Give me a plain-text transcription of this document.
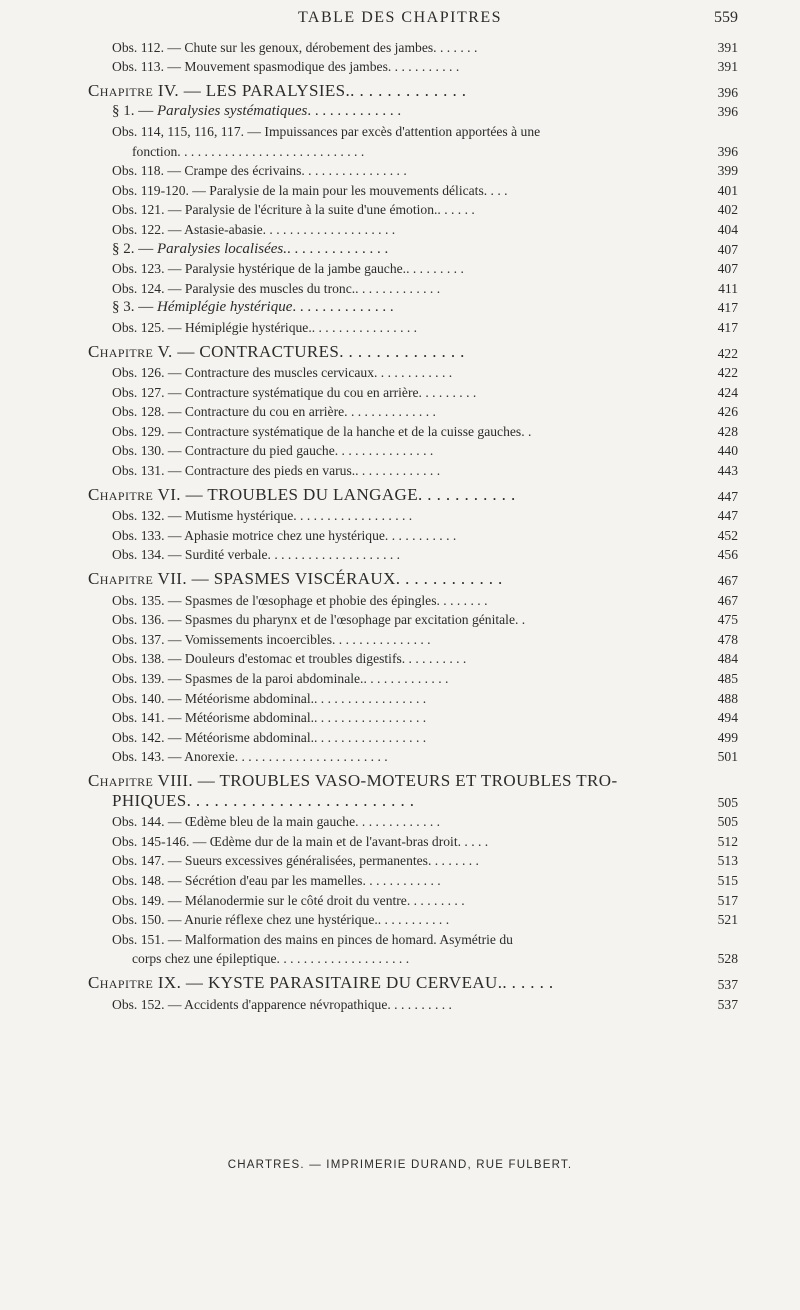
TABLE DES CHAPITRES	559
Obs. 112. — Chute sur les genoux, dérobement des jambes. . . . . . .	391
Obs. 113. — Mouvement spasmodique des jambes. . . . . . . . . . .	391
Chapitre IV. — LES PARALYSIES.. . . . . . . . . . . . .	396
§ 1. — Paralysies systématiques. . . . . . . . . . . . .	396
Obs. 114, 115, 116, 117. — Impuissances par excès d'attention apportées à une
fonction. . . . . . . . . . . . . . . . . . . . . . . . . . . .	396
Obs. 118. — Crampe des écrivains. . . . . . . . . . . . . . . .	399
Obs. 119-120. — Paralysie de la main pour les mouvements délicats. . . .	401
Obs. 121. — Paralysie de l'écriture à la suite d'une émotion.. . . . . .	402
Obs. 122. — Astasie-abasie. . . . . . . . . . . . . . . . . . . .	404
§ 2. — Paralysies localisées.. . . . . . . . . . . . . .	407
Obs. 123. — Paralysie hystérique de la jambe gauche.. . . . . . . . .	407
Obs. 124. — Paralysie des muscles du tronc.. . . . . . . . . . . . .	411
§ 3. — Hémiplégie hystérique. . . . . . . . . . . . . .	417
Obs. 125. — Hémiplégie hystérique.. . . . . . . . . . . . . . . .	417
Chapitre V. — CONTRACTURES. . . . . . . . . . . . . .	422
Obs. 126. — Contracture des muscles cervicaux. . . . . . . . . . . .	422
Obs. 127. — Contracture systématique du cou en arrière. . . . . . . . .	424
Obs. 128. — Contracture du cou en arrière. . . . . . . . . . . . . .	426
Obs. 129. — Contracture systématique de la hanche et de la cuisse gauches. .	428
Obs. 130. — Contracture du pied gauche. . . . . . . . . . . . . . .	440
Obs. 131. — Contracture des pieds en varus.. . . . . . . . . . . . .	443
Chapitre VI. — TROUBLES DU LANGAGE. . . . . . . . . . .	447
Obs. 132. — Mutisme hystérique. . . . . . . . . . . . . . . . . .	447
Obs. 133. — Aphasie motrice chez une hystérique. . . . . . . . . . .	452
Obs. 134. — Surdité verbale. . . . . . . . . . . . . . . . . . . .	456
Chapitre VII. — SPASMES VISCÉRAUX. . . . . . . . . . . .	467
Obs. 135. — Spasmes de l'œsophage et phobie des épingles. . . . . . . .	467
Obs. 136. — Spasmes du pharynx et de l'œsophage par excitation génitale. .	475
Obs. 137. — Vomissements incoercibles. . . . . . . . . . . . . . .	478
Obs. 138. — Douleurs d'estomac et troubles digestifs. . . . . . . . . .	484
Obs. 139. — Spasmes de la paroi abdominale.. . . . . . . . . . . . .	485
Obs. 140. — Météorisme abdominal.. . . . . . . . . . . . . . . . .	488
Obs. 141. — Météorisme abdominal.. . . . . . . . . . . . . . . . .	494
Obs. 142. — Météorisme abdominal.. . . . . . . . . . . . . . . . .	499
Obs. 143. — Anorexie. . . . . . . . . . . . . . . . . . . . . . .	501
Chapitre VIII. — TROUBLES VASO-MOTEURS ET TROUBLES TRO-
PHIQUES. . . . . . . . . . . . . . . . . . . . . . . . .	505
Obs. 144. — Œdème bleu de la main gauche. . . . . . . . . . . . .	505
Obs. 145-146. — Œdème dur de la main et de l'avant-bras droit. . . . .	512
Obs. 147. — Sueurs excessives généralisées, permanentes. . . . . . . .	513
Obs. 148. — Sécrétion d'eau par les mamelles. . . . . . . . . . . .	515
Obs. 149. — Mélanodermie sur le côté droit du ventre. . . . . . . . .	517
Obs. 150. — Anurie réflexe chez une hystérique.. . . . . . . . . . .	521
Obs. 151. — Malformation des mains en pinces de homard. Asymétrie du
corps chez une épileptique. . . . . . . . . . . . . . . . . . . .	528
Chapitre IX. — KYSTE PARASITAIRE DU CERVEAU.. . . . . .	537
Obs. 152. — Accidents d'apparence névropathique. . . . . . . . . .	537
CHARTRES. — IMPRIMERIE DURAND, RUE FULBERT.
